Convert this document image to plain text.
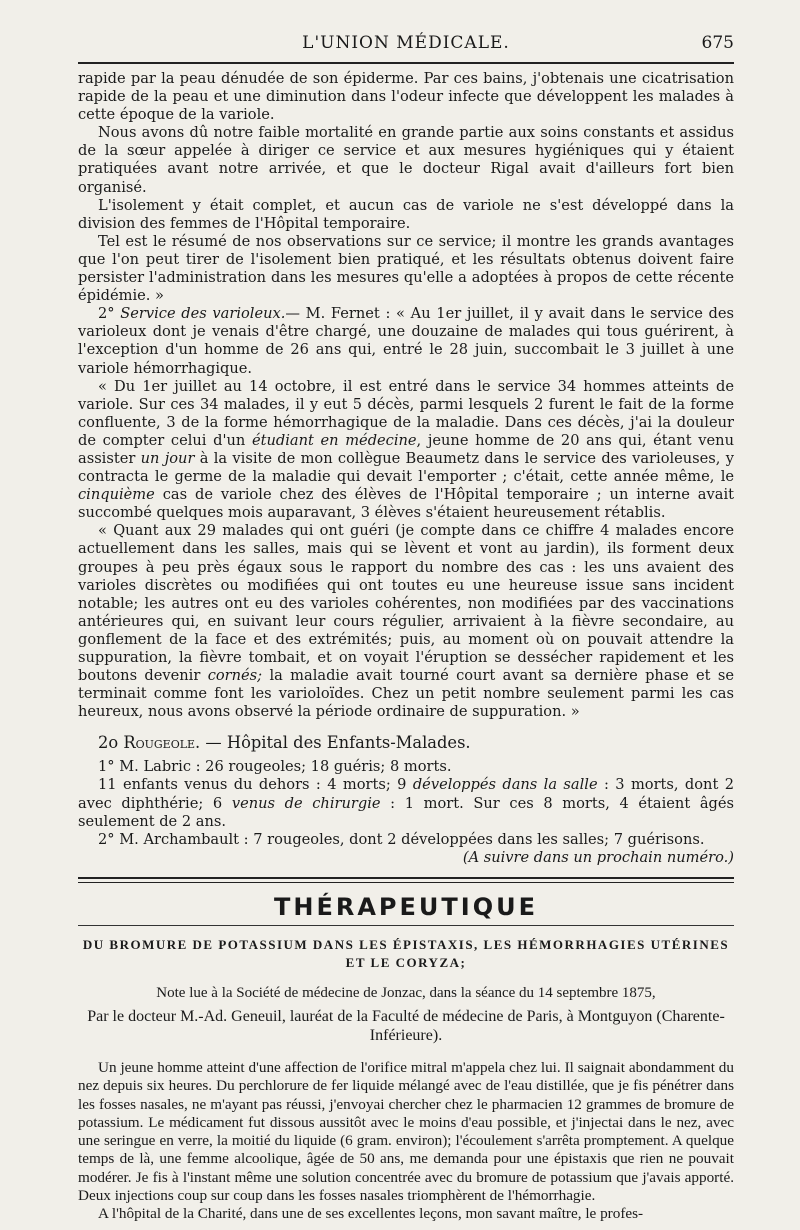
L'UNION MÉDICALE.	675

rapide par la peau dénudée de son épiderme. Par ces bains, j'obtenais une cicatrisation rapide de la peau et une diminution dans l'odeur infecte que développent les malades à cette époque de la variole.

Nous avons dû notre faible mortalité en grande partie aux soins constants et assidus de la sœur appelée à diriger ce service et aux mesures hygiéniques qui y étaient pratiquées avant notre arrivée, et que le docteur Rigal avait d'ailleurs fort bien organisé.

L'isolement y était complet, et aucun cas de variole ne s'est développé dans la division des femmes de l'Hôpital temporaire.

Tel est le résumé de nos observations sur ce service; il montre les grands avantages que l'on peut tirer de l'isolement bien pratiqué, et les résultats obtenus doivent faire persister l'administration dans les mesures qu'elle a adoptées à propos de cette récente épidémie. »

2° Service des varioleux.— M. Fernet : « Au 1er juillet, il y avait dans le service des varioleux dont je venais d'être chargé, une douzaine de malades qui tous guérirent, à l'exception d'un homme de 26 ans qui, entré le 28 juin, succombait le 3 juillet à une variole hémorrhagique.

« Du 1er juillet au 14 octobre, il est entré dans le service 34 hommes atteints de variole. Sur ces 34 malades, il y eut 5 décès, parmi lesquels 2 furent le fait de la forme confluente, 3 de la forme hémorrhagique de la maladie. Dans ces décès, j'ai la douleur de compter celui d'un étudiant en médecine, jeune homme de 20 ans qui, étant venu assister un jour à la visite de mon collègue Beaumetz dans le service des varioleuses, y contracta le germe de la maladie qui devait l'emporter ; c'était, cette année même, le cinquième cas de variole chez des élèves de l'Hôpital temporaire ; un interne avait succombé quelques mois auparavant, 3 élèves s'étaient heureusement rétablis.

« Quant aux 29 malades qui ont guéri (je compte dans ce chiffre 4 malades encore actuellement dans les salles, mais qui se lèvent et vont au jardin), ils forment deux groupes à peu près égaux sous le rapport du nombre des cas : les uns avaient des varioles discrètes ou modifiées qui ont toutes eu une heureuse issue sans incident notable; les autres ont eu des varioles cohérentes, non modifiées par des vaccinations antérieures qui, en suivant leur cours régulier, arrivaient à la fièvre secondaire, au gonflement de la face et des extrémités; puis, au moment où on pouvait attendre la suppuration, la fièvre tombait, et on voyait l'éruption se dessécher rapidement et les boutons devenir cornés; la maladie avait tourné court avant sa dernière phase et se terminait comme font les varioloïdes. Chez un petit nombre seulement parmi les cas heureux, nous avons observé la période ordinaire de suppuration. »

2o Rougeole. — Hôpital des Enfants-Malades.

1° M. Labric : 26 rougeoles; 18 guéris; 8 morts.

11 enfants venus du dehors : 4 morts; 9 développés dans la salle : 3 morts, dont 2 avec diphthérie; 6 venus de chirurgie : 1 mort. Sur ces 8 morts, 4 étaient âgés seulement de 2 ans.

2° M. Archambault : 7 rougeoles, dont 2 développées dans les salles; 7 guérisons.

(A suivre dans un prochain numéro.)

THÉRAPEUTIQUE
DU BROMURE DE POTASSIUM DANS LES ÉPISTAXIS, LES HÉMORRHAGIES UTÉRINES ET LE CORYZA;
Note lue à la Société de médecine de Jonzac, dans la séance du 14 septembre 1875,
Par le docteur M.-Ad. Geneuil, lauréat de la Faculté de médecine de Paris, à Montguyon (Charente-Inférieure).

Un jeune homme atteint d'une affection de l'orifice mitral m'appela chez lui. Il saignait abondamment du nez depuis six heures. Du perchlorure de fer liquide mélangé avec de l'eau distillée, que je fis pénétrer dans les fosses nasales, ne m'ayant pas réussi, j'envoyai chercher chez le pharmacien 12 grammes de bromure de potassium. Le médicament fut dissous aussitôt avec le moins d'eau possible, et j'injectai dans le nez, avec une seringue en verre, la moitié du liquide (6 gram. environ); l'écoulement s'arrêta promptement. A quelque temps de là, une femme alcoolique, âgée de 50 ans, me demanda pour une épistaxis que rien ne pouvait modérer. Je fis à l'instant même une solution concentrée avec du bromure de potassium que j'avais apporté. Deux injections coup sur coup dans les fosses nasales triomphèrent de l'hémorrhagie.

A l'hôpital de la Charité, dans une de ses excellentes leçons, mon savant maître, le profes-
